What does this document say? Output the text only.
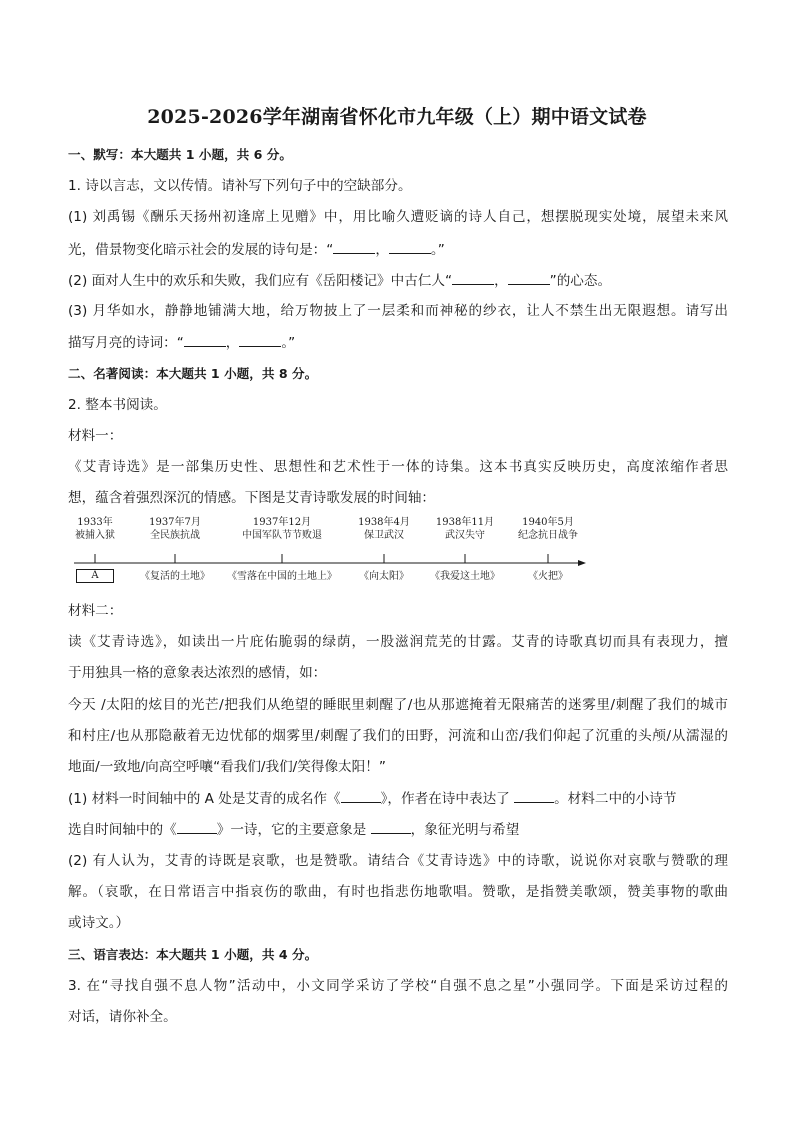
2025-2026学年湖南省怀化市九年级（上）期中语文试卷
一、默写：本大题共 1 小题，共 6 分。
1. 诗以言志，文以传情。请补写下列句子中的空缺部分。
(1) 刘禹锡《酬乐天扬州初逢席上见赠》中，用比喻久遭贬谪的诗人自己，想摆脱现实处境，展望未来风
光，借景物变化暗示社会的发展的诗句是：“	，	。”
(2) 面对人生中的欢乐和失败，我们应有《岳阳楼记》中古仁人“	，	”的心态。
(3) 月华如水，静静地铺满大地，给万物披上了一层柔和而神秘的纱衣，让人不禁生出无限遐想。请写出
描写月亮的诗词：“	，	。”
二、名著阅读：本大题共 1 小题，共 8 分。
2. 整本书阅读。
材料一：
《艾青诗选》是一部集历史性、思想性和艺术性于一体的诗集。这本书真实反映历史，高度浓缩作者思
想，蕴含着强烈深沉的情感。下图是艾青诗歌发展的时间轴：
1933年
被捕入狱
A
1937年7月
全民族抗战
《复活的土地》
1937年12月
中国军队节节败退
《雪落在中国的土地上》
1938年4月
保卫武汉
《向太阳》
1938年11月
武汉失守
《我爱这土地》
1940年5月
纪念抗日战争
《火把》
材料二：
读《艾青诗选》，如读出一片庇佑脆弱的绿荫，一股滋润荒芜的甘露。艾青的诗歌真切而具有表现力，擅
于用独具一格的意象表达浓烈的感情，如：
今天 /太阳的炫目的光芒/把我们从绝望的睡眠里刺醒了/也从那遮掩着无限痛苦的迷雾里/刺醒了我们的城市
和村庄/也从那隐蔽着无边忧郁的烟雾里/刺醒了我们的田野，河流和山峦/我们仰起了沉重的头颅/从濡湿的
地面/一致地/向高空呼嚷“看我们/我们/笑得像太阳！”
(1) 材料一时间轴中的 A 处是艾青的成名作《	》，作者在诗中表达了	。材料二中的小诗节
选自时间轴中的《	》一诗，它的主要意象是	，象征光明与希望
(2) 有人认为，艾青的诗既是哀歌，也是赞歌。请结合《艾青诗选》中的诗歌，说说你对哀歌与赞歌的理
解。（哀歌，在日常语言中指哀伤的歌曲，有时也指悲伤地歌唱。赞歌，是指赞美歌颂，赞美事物的歌曲
或诗文。）
三、语言表达：本大题共 1 小题，共 4 分。
3. 在“寻找自强不息人物”活动中，小文同学采访了学校“自强不息之星”小强同学。下面是采访过程的
对话，请你补全。
